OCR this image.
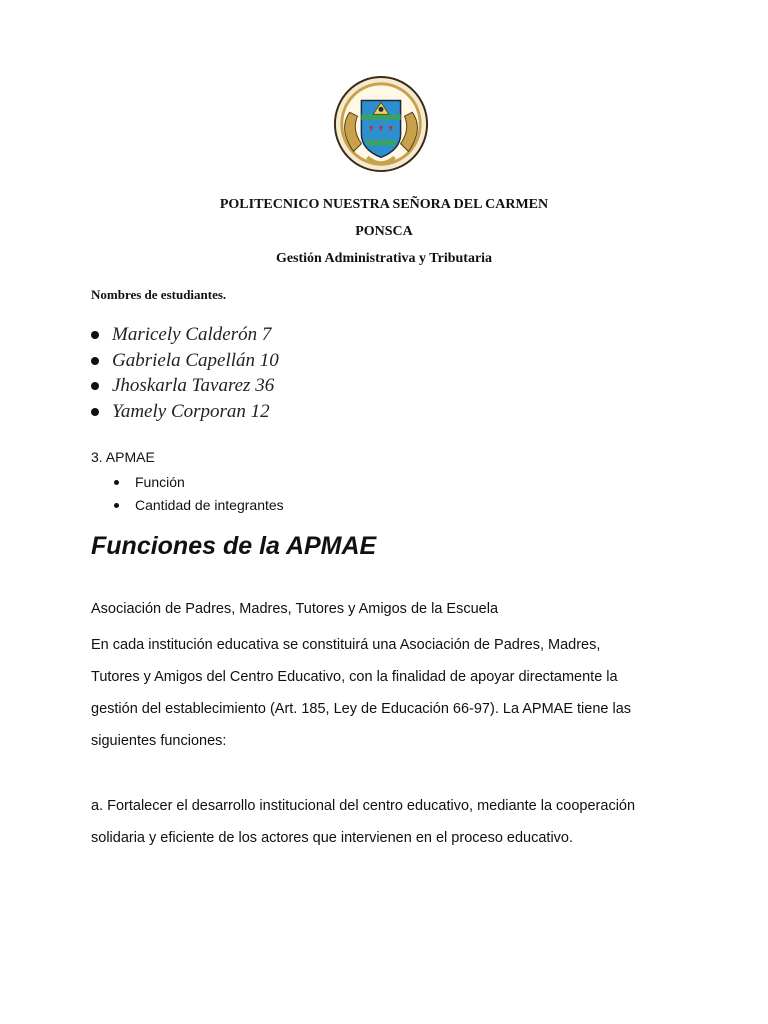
POLITECNICO NUESTRA SEÑORA DEL CARMEN
PONSCA
Gestión Administrativa y Tributaria
Nombres de estudiantes.
Maricely Calderón 7
Gabriela Capellán 10
Jhoskarla Tavarez 36
Yamely Corporan 12
3. APMAE
Función
Cantidad de integrantes
Funciones de la APMAE
Asociación de Padres, Madres, Tutores y Amigos de la Escuela

En cada institución educativa se constituirá una Asociación de Padres, Madres, Tutores y Amigos del Centro Educativo, con la finalidad de apoyar directamente la gestión del establecimiento (Art. 185, Ley de Educación 66-97). La APMAE tiene las siguientes funciones:

a. Fortalecer el desarrollo institucional del centro educativo, mediante la cooperación solidaria y eficiente de los actores que intervienen en el proceso educativo.
